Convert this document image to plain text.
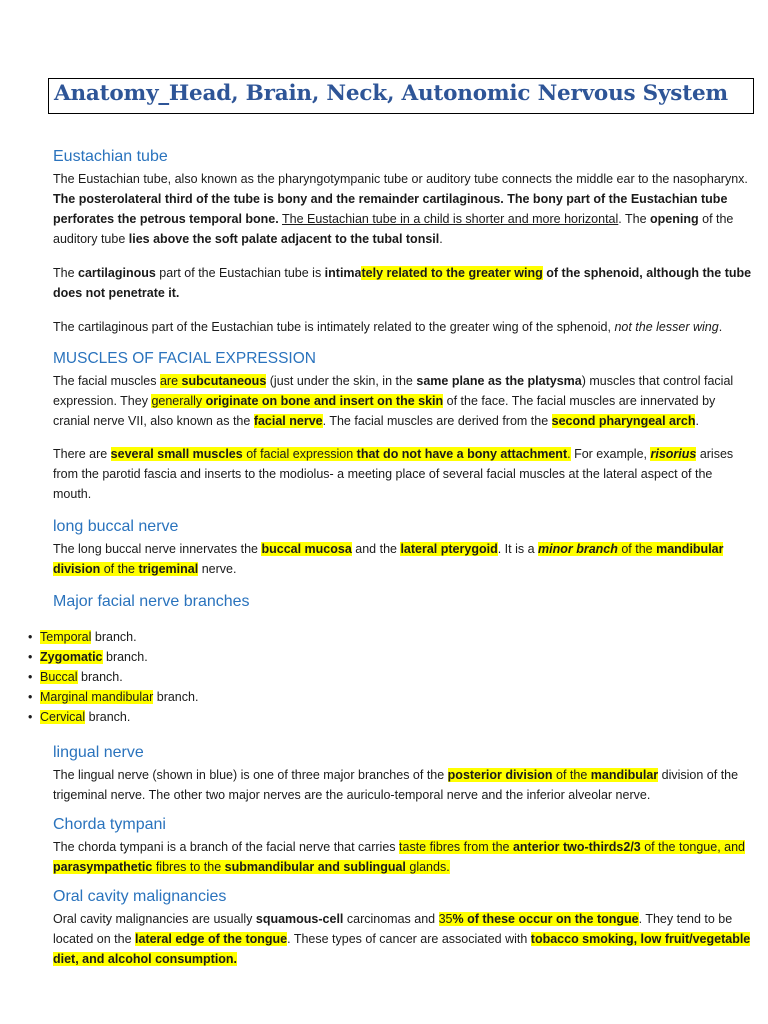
Anatomy_Head, Brain, Neck, Autonomic Nervous System
Eustachian tube

The Eustachian tube, also known as the pharyngotympanic tube or auditory tube connects the middle ear to the nasopharynx. The posterolateral third of the tube is bony and the remainder cartilaginous. The bony part of the Eustachian tube perforates the petrous temporal bone. The Eustachian tube in a child is shorter and more horizontal. The opening of the auditory tube lies above the soft palate adjacent to the tubal tonsil.

The cartilaginous part of the Eustachian tube is intimately related to the greater wing of the sphenoid, although the tube does not penetrate it.

The cartilaginous part of the Eustachian tube is intimately related to the greater wing of the sphenoid, not the lesser wing.

MUSCLES OF FACIAL EXPRESSION

The facial muscles are subcutaneous (just under the skin, in the same plane as the platysma) muscles that control facial expression. They generally originate on bone and insert on the skin of the face. The facial muscles are innervated by cranial nerve VII, also known as the facial nerve. The facial muscles are derived from the second pharyngeal arch.

There are several small muscles of facial expression that do not have a bony attachment. For example, risorius arises from the parotid fascia and inserts to the modiolus- a meeting place of several facial muscles at the lateral aspect of the mouth.

long buccal nerve

The long buccal nerve innervates the buccal mucosa and the lateral pterygoid. It is a minor branch of the mandibular division of the trigeminal nerve.

Major facial nerve branches
• Temporal branch.
• Zygomatic branch.
• Buccal branch.
• Marginal mandibular branch.
• Cervical branch.
lingual nerve

The lingual nerve (shown in blue) is one of three major branches of the posterior division of the mandibular division of the trigeminal nerve. The other two major nerves are the auriculo-temporal nerve and the inferior alveolar nerve.

Chorda tympani

The chorda tympani is a branch of the facial nerve that carries taste fibres from the anterior two-thirds2/3 of the tongue, and parasympathetic fibres to the submandibular and sublingual glands.

Oral cavity malignancies

Oral cavity malignancies are usually squamous-cell carcinomas and 35% of these occur on the tongue. They tend to be located on the lateral edge of the tongue. These types of cancer are associated with tobacco smoking, low fruit/vegetable diet, and alcohol consumption.
